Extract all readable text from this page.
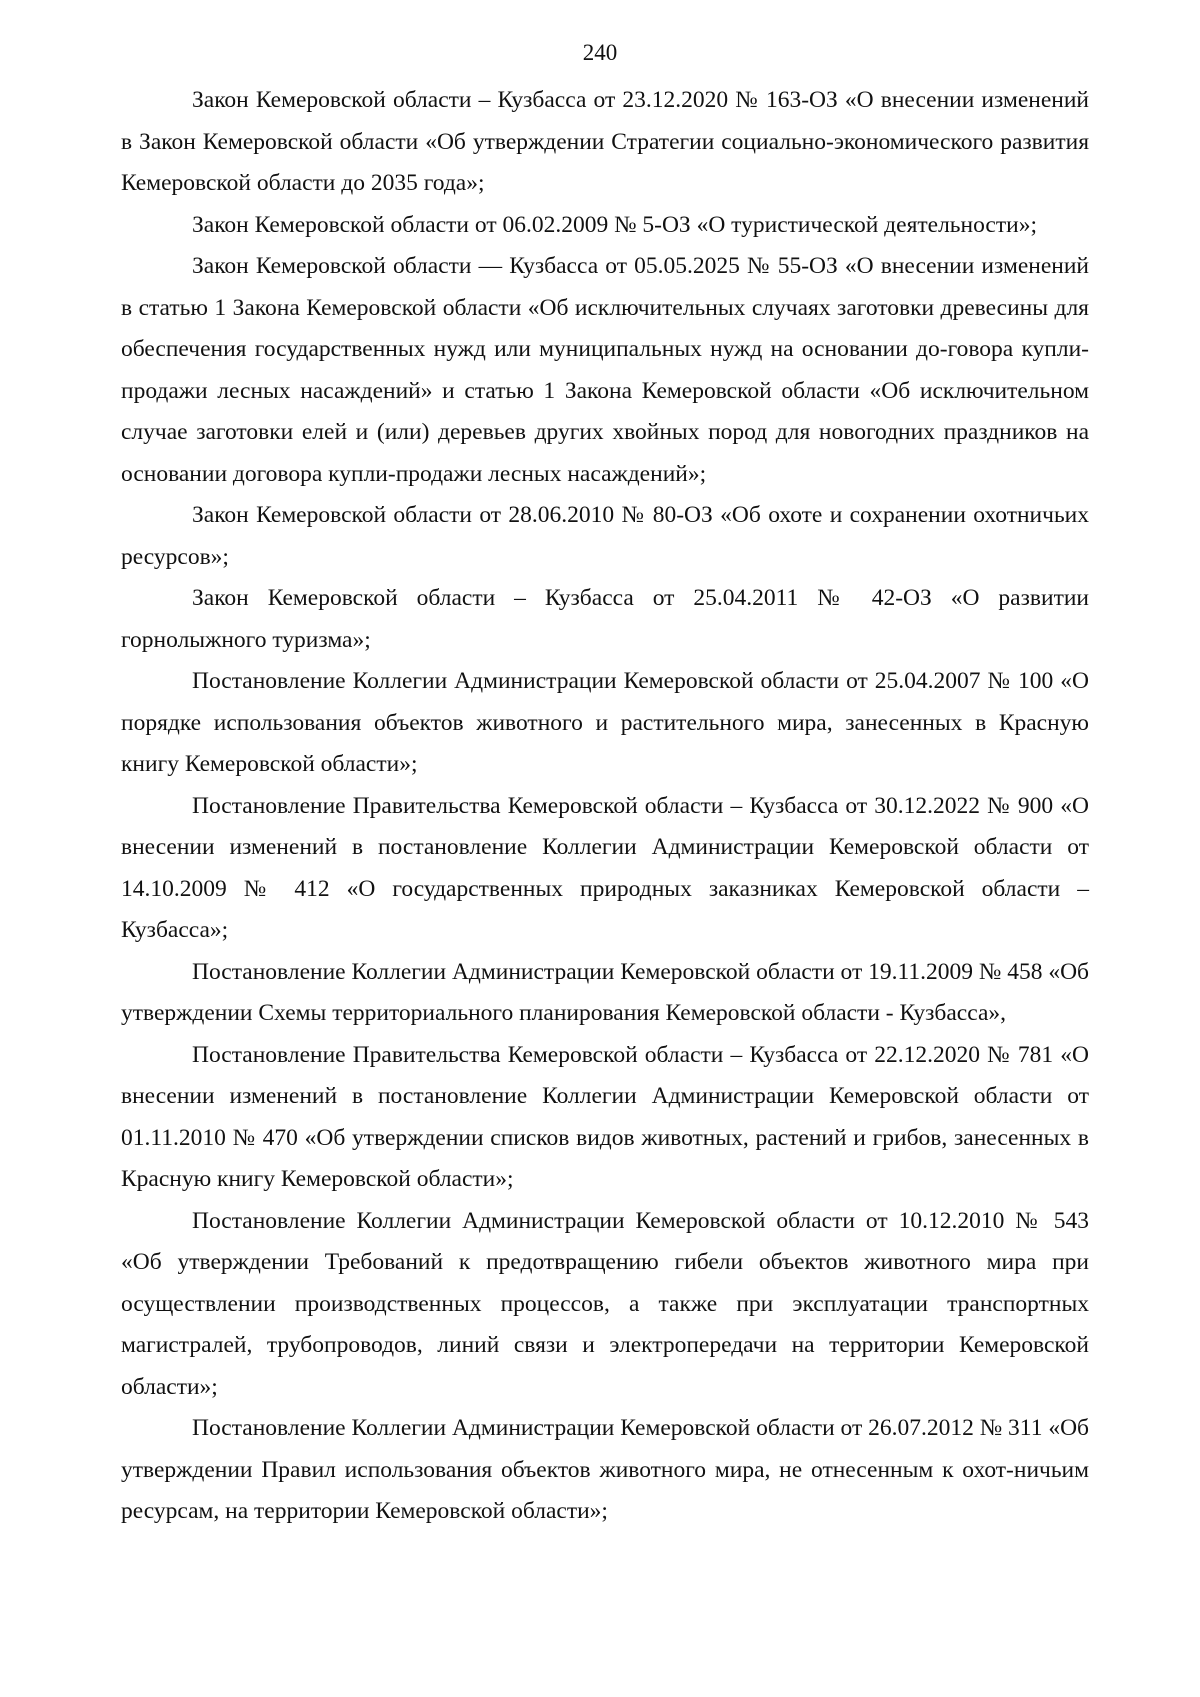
240

Закон Кемеровской области – Кузбасса от 23.12.2020 № 163-ОЗ «О внесении изменений в Закон Кемеровской области «Об утверждении Стратегии социально-экономического развития Кемеровской области до 2035 года»;

Закон Кемеровской области от 06.02.2009 № 5-ОЗ «О туристической деятельности»;

Закон Кемеровской области — Кузбасса от 05.05.2025 № 55-ОЗ «О внесении изменений в статью 1 Закона Кемеровской области «Об исключительных случаях заготовки древесины для обеспечения государственных нужд или муниципальных нужд на основании до-говора купли-продажи лесных насаждений» и статью 1 Закона Кемеровской области «Об исключительном случае заготовки елей и (или) деревьев других хвойных пород для новогодних праздников на основании договора купли-продажи лесных насаждений»;

Закон Кемеровской области от 28.06.2010 № 80-ОЗ «Об охоте и сохранении охотничьих ресурсов»;

Закон Кемеровской области – Кузбасса от 25.04.2011 № 42-ОЗ «О развитии горнолыжного туризма»;

Постановление Коллегии Администрации Кемеровской области от 25.04.2007 № 100 «О порядке использования объектов животного и растительного мира, занесенных в Красную книгу Кемеровской области»;

Постановление Правительства Кемеровской области – Кузбасса от 30.12.2022 № 900 «О внесении изменений в постановление Коллегии Администрации Кемеровской области от 14.10.2009 № 412 «О государственных природных заказниках Кемеровской области – Кузбасса»;

Постановление Коллегии Администрации Кемеровской области от 19.11.2009 № 458 «Об утверждении Схемы территориального планирования Кемеровской области - Кузбасса»,

Постановление Правительства Кемеровской области – Кузбасса от 22.12.2020 № 781 «О внесении изменений в постановление Коллегии Администрации Кемеровской области от 01.11.2010 № 470 «Об утверждении списков видов животных, растений и грибов, занесенных в Красную книгу Кемеровской области»;

Постановление Коллегии Администрации Кемеровской области от 10.12.2010 № 543 «Об утверждении Требований к предотвращению гибели объектов животного мира при осуществлении производственных процессов, а также при эксплуатации транспортных магистралей, трубопроводов, линий связи и электропередачи на территории Кемеровской области»;

Постановление Коллегии Администрации Кемеровской области от 26.07.2012 № 311 «Об утверждении Правил использования объектов животного мира, не отнесенным к охот-ничьим ресурсам, на территории Кемеровской области»;
